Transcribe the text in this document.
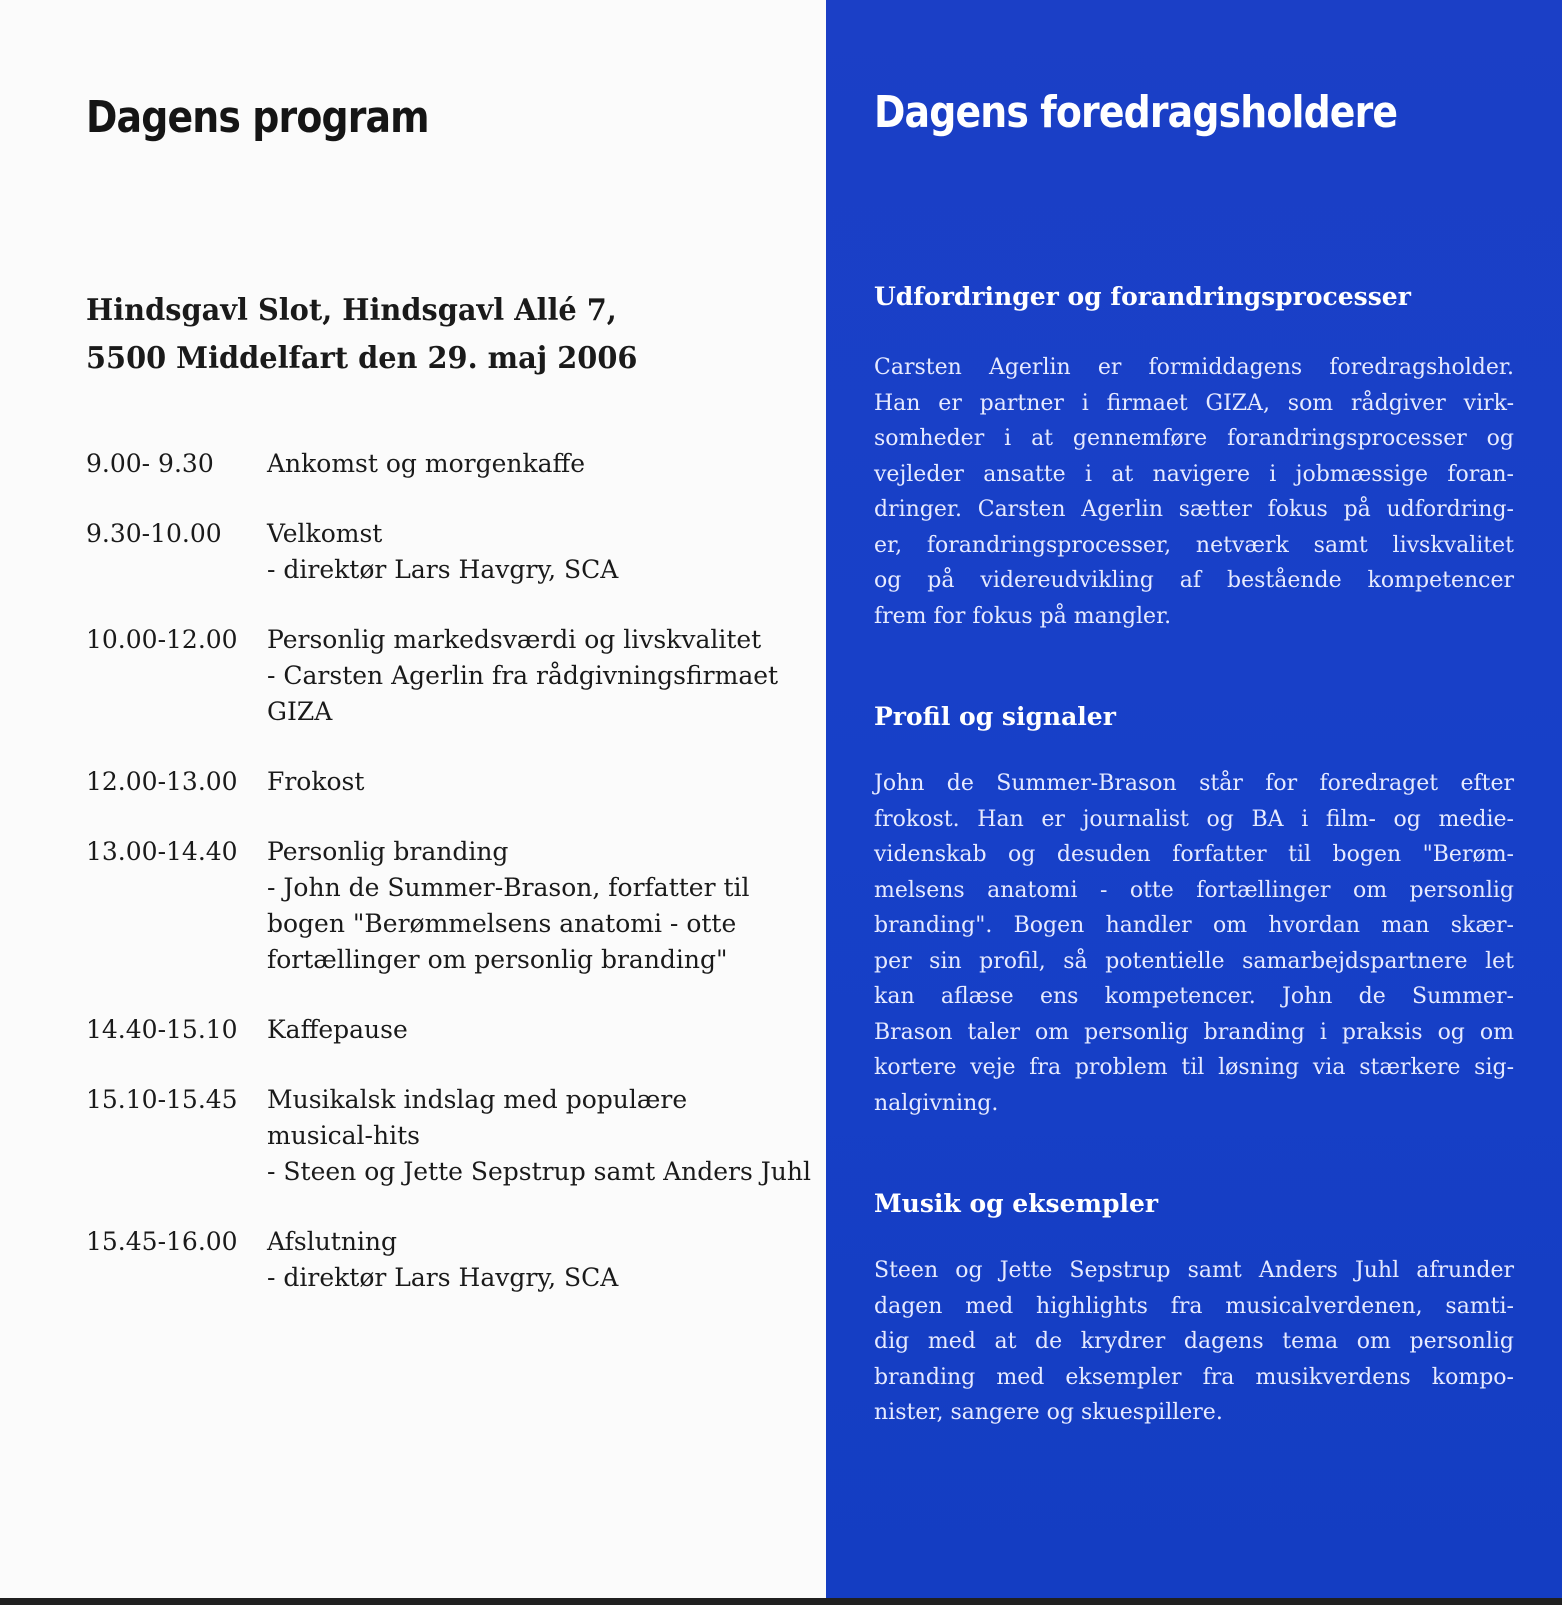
Dagens program

Hindsgavl Slot, Hindsgavl Allé 7,
5500 Middelfart den 29. maj 2006

9.00- 9.30 Ankomst og morgenkaffe
9.30-10.00 Velkomst
- direktør Lars Havgry, SCA
10.00-12.00 Personlig markedsværdi og livskvalitet
- Carsten Agerlin fra rådgivningsfirmaet
GIZA
12.00-13.00 Frokost
13.00-14.40 Personlig branding
- John de Summer-Brason, forfatter til
bogen "Berømmelsens anatomi - otte
fortællinger om personlig branding"
14.40-15.10 Kaffepause
15.10-15.45 Musikalsk indslag med populære
musical-hits
- Steen og Jette Sepstrup samt Anders Juhl
15.45-16.00 Afslutning
- direktør Lars Havgry, SCA
Dagens foredragsholdere
Udfordringer og forandringsprocesser

Carsten Agerlin er formiddagens foredragsholder.
Han er partner i firmaet GIZA, som rådgiver virk-
somheder i at gennemføre forandringsprocesser og
vejleder ansatte i at navigere i jobmæssige foran-
dringer. Carsten Agerlin sætter fokus på udfordring-
er, forandringsprocesser, netværk samt livskvalitet
og på videreudvikling af bestående kompetencer
frem for fokus på mangler.

Profil og signaler

John de Summer-Brason står for foredraget efter
frokost. Han er journalist og BA i film- og medie-
videnskab og desuden forfatter til bogen "Berøm-
melsens anatomi - otte fortællinger om personlig
branding". Bogen handler om hvordan man skær-
per sin profil, så potentielle samarbejdspartnere let
kan aflæse ens kompetencer. John de Summer-
Brason taler om personlig branding i praksis og om
kortere veje fra problem til løsning via stærkere sig-
nalgivning.

Musik og eksempler

Steen og Jette Sepstrup samt Anders Juhl afrunder
dagen med highlights fra musicalverdenen, samti-
dig med at de krydrer dagens tema om personlig
branding med eksempler fra musikverdens kompo-
nister, sangere og skuespillere.
